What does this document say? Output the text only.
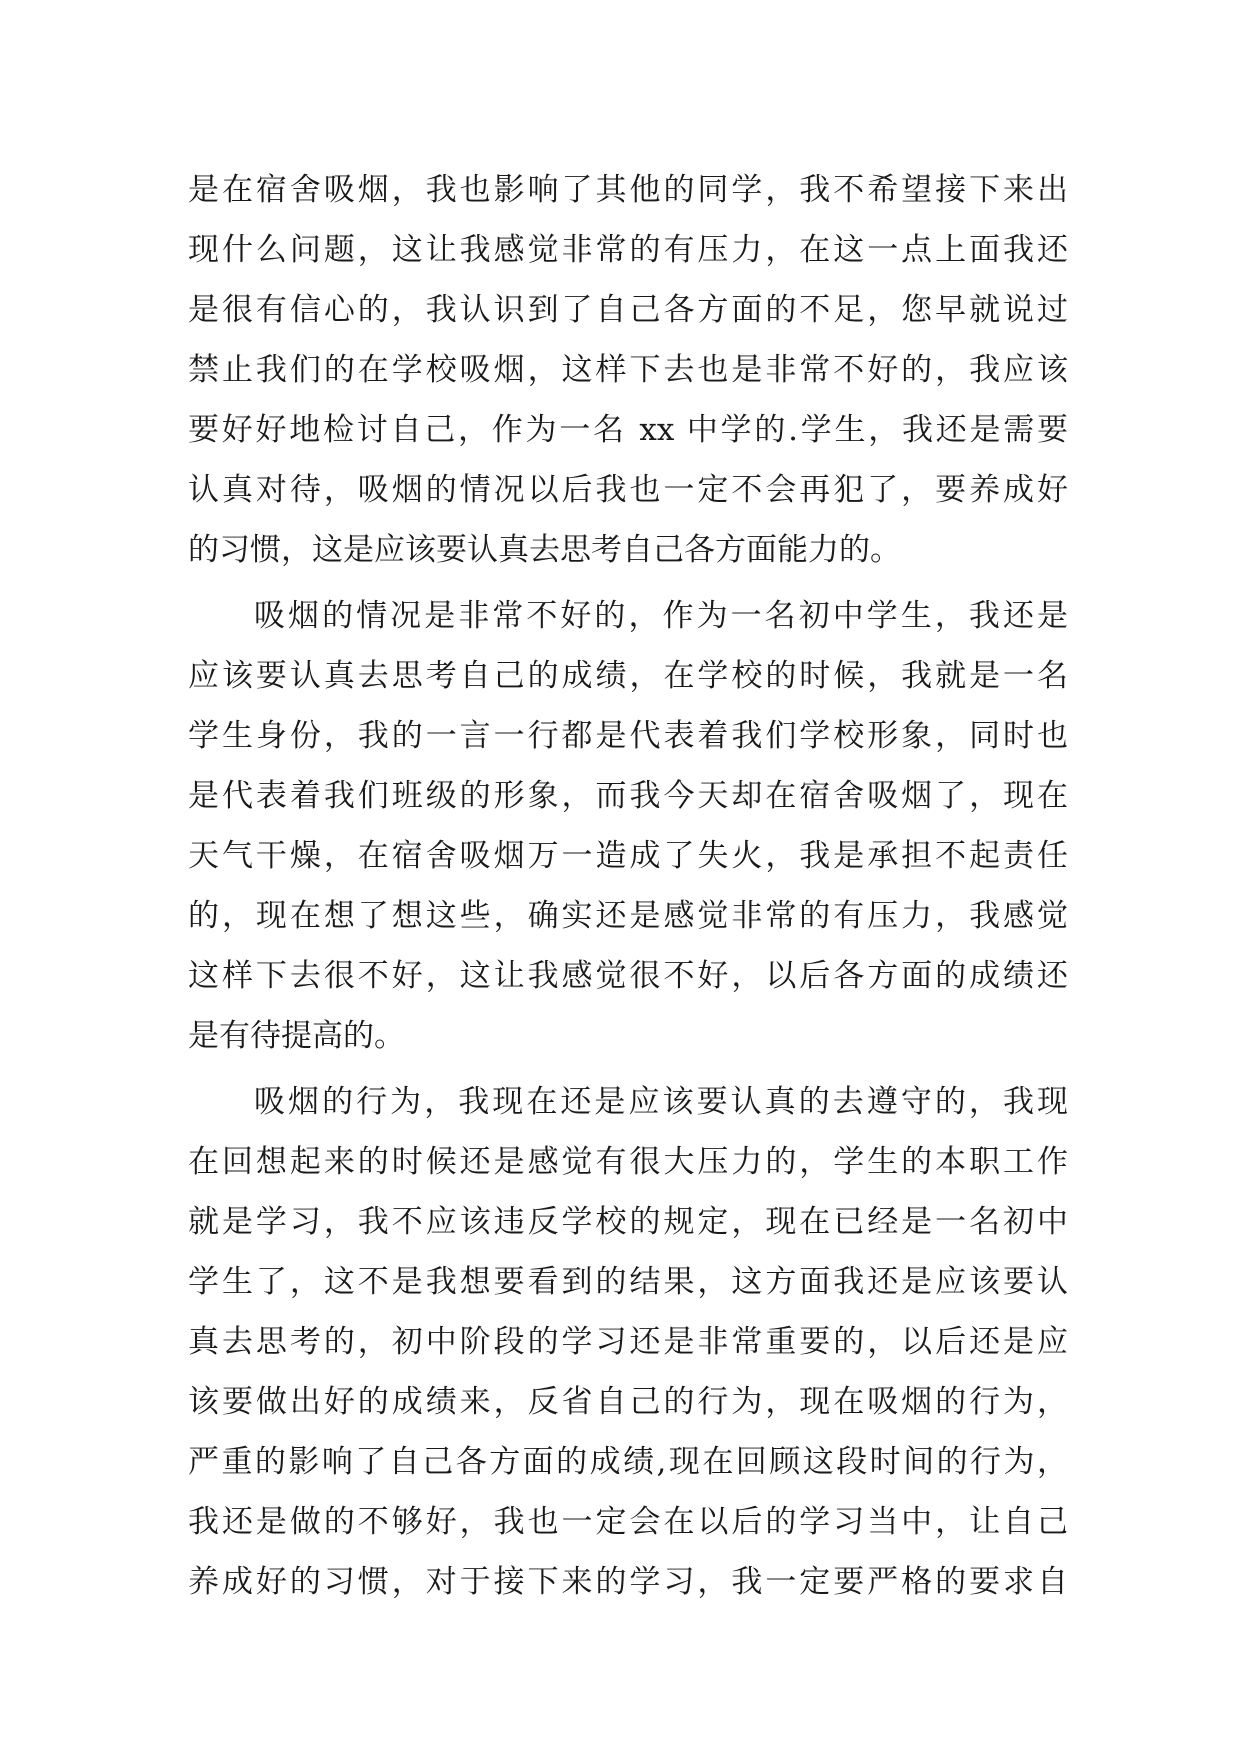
是在宿舍吸烟，我也影响了其他的同学，我不希望接下来出
现什么问题，这让我感觉非常的有压力，在这一点上面我还
是很有信心的，我认识到了自己各方面的不足，您早就说过
禁止我们的在学校吸烟，这样下去也是非常不好的，我应该
要好好地检讨自己，作为一名 xx 中学的.学生，我还是需要
认真对待，吸烟的情况以后我也一定不会再犯了，要养成好
的习惯，这是应该要认真去思考自己各方面能力的。
吸烟的情况是非常不好的，作为一名初中学生，我还是
应该要认真去思考自己的成绩，在学校的时候，我就是一名
学生身份，我的一言一行都是代表着我们学校形象，同时也
是代表着我们班级的形象，而我今天却在宿舍吸烟了，现在
天气干燥，在宿舍吸烟万一造成了失火，我是承担不起责任
的，现在想了想这些，确实还是感觉非常的有压力，我感觉
这样下去很不好，这让我感觉很不好，以后各方面的成绩还
是有待提高的。
吸烟的行为，我现在还是应该要认真的去遵守的，我现
在回想起来的时候还是感觉有很大压力的，学生的本职工作
就是学习，我不应该违反学校的规定，现在已经是一名初中
学生了，这不是我想要看到的结果，这方面我还是应该要认
真去思考的，初中阶段的学习还是非常重要的，以后还是应
该要做出好的成绩来，反省自己的行为，现在吸烟的行为，
严重的影响了自己各方面的成绩,现在回顾这段时间的行为，
我还是做的不够好，我也一定会在以后的学习当中，让自己
养成好的习惯，对于接下来的学习，我一定要严格的要求自
